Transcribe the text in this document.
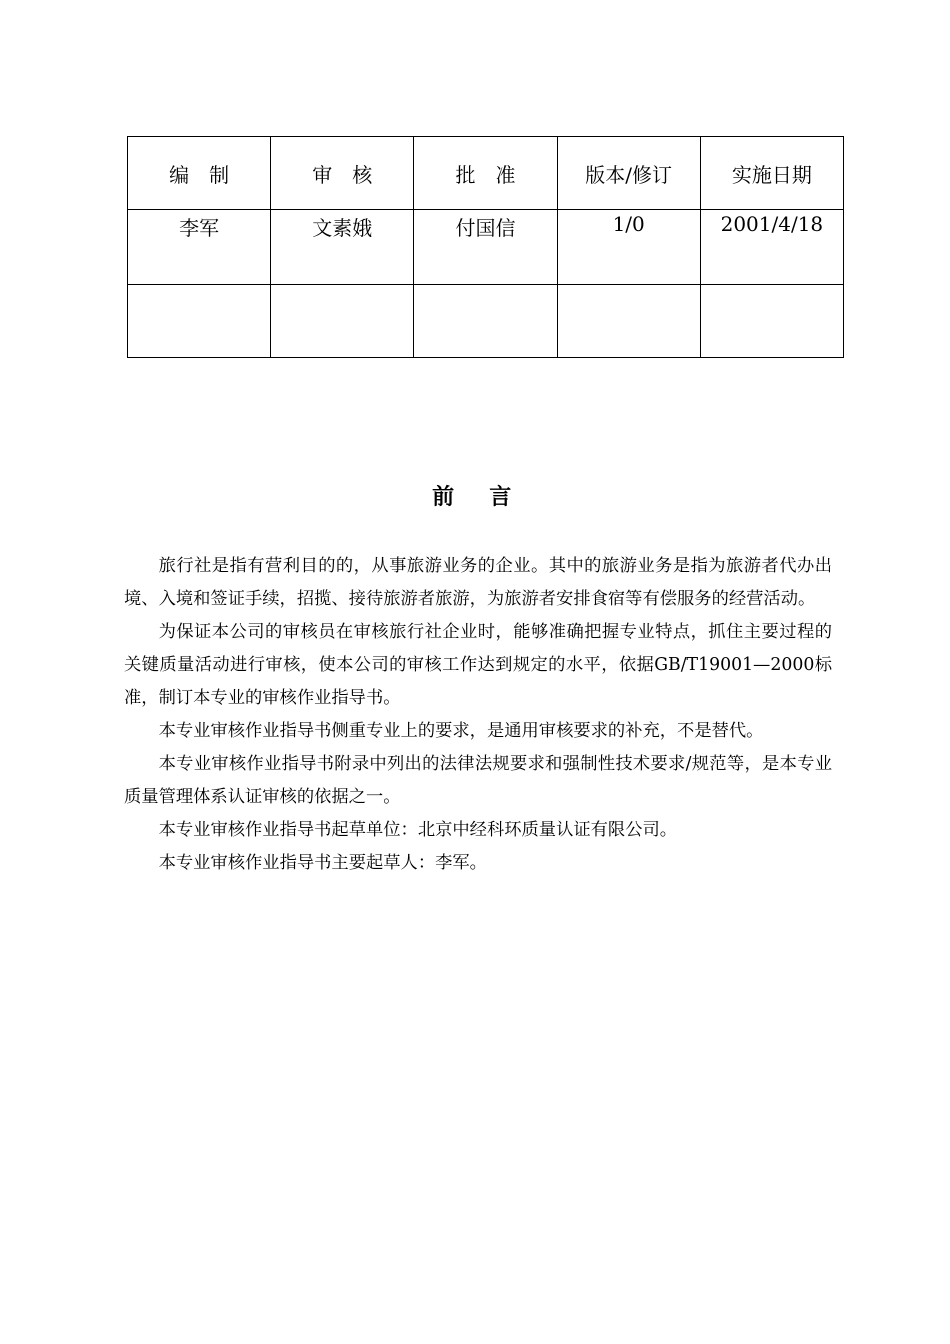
编　制	审　核	批　准	版本/修订	实施日期
李军	文素娥	付国信	1/0	2001/4/18

前　言

旅行社是指有营利目的的，从事旅游业务的企业。其中的旅游业务是指为旅游者代办出境、入境和签证手续，招揽、接待旅游者旅游，为旅游者安排食宿等有偿服务的经营活动。

为保证本公司的审核员在审核旅行社企业时，能够准确把握专业特点，抓住主要过程的关键质量活动进行审核，使本公司的审核工作达到规定的水平，依据GB/T19001—2000标准，制订本专业的审核作业指导书。

本专业审核作业指导书侧重专业上的要求，是通用审核要求的补充，不是替代。

本专业审核作业指导书附录中列出的法律法规要求和强制性技术要求/规范等，是本专业质量管理体系认证审核的依据之一。

本专业审核作业指导书起草单位：北京中经科环质量认证有限公司。

本专业审核作业指导书主要起草人：李军。
